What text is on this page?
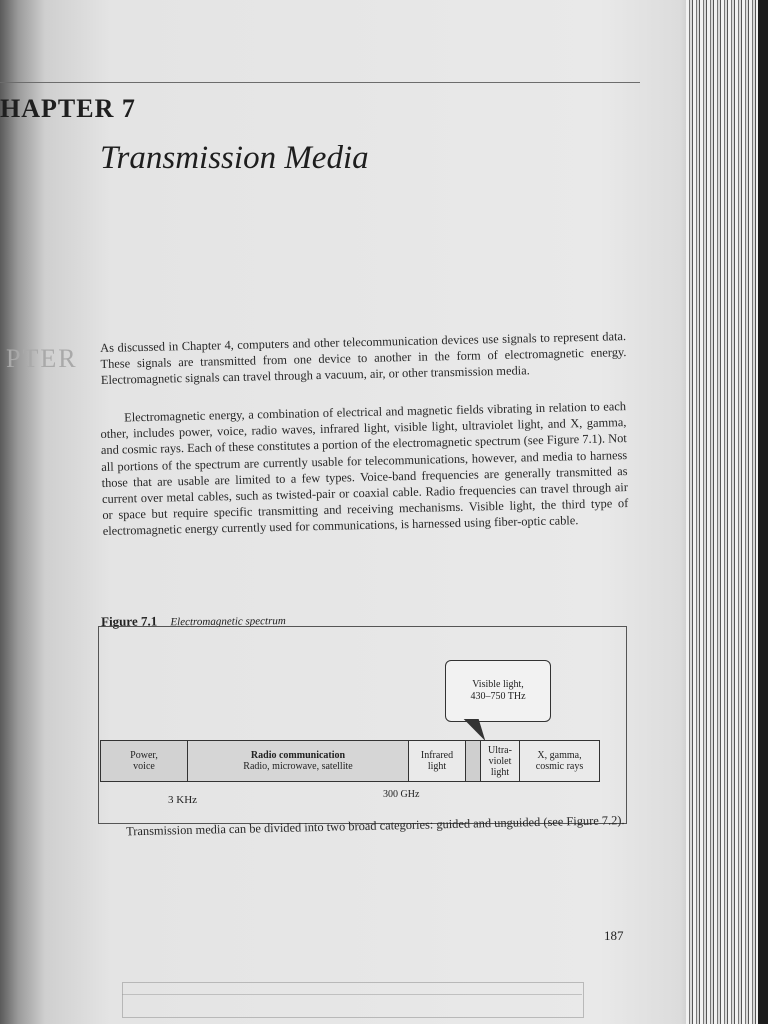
HAPTER 7
Transmission Media
PTER
As discussed in Chapter 4, computers and other telecommunication devices use signals to represent data. These signals are transmitted from one device to another in the form of electromagnetic energy. Electromagnetic signals can travel through a vacuum, air, or other transmission media.
Electromagnetic energy, a combination of electrical and magnetic fields vibrating in relation to each other, includes power, voice, radio waves, infrared light, visible light, ultraviolet light, and X, gamma, and cosmic rays. Each of these constitutes a portion of the electromagnetic spectrum (see Figure 7.1). Not all portions of the spectrum are currently usable for telecommunications, however, and media to harness those that are usable are limited to a few types. Voice-band frequencies are generally transmitted as current over metal cables, such as twisted-pair or coaxial cable. Radio frequencies can travel through air or space but require specific transmitting and receiving mechanisms. Visible light, the third type of electromagnetic energy currently used for communications, is harnessed using fiber-optic cable.
Figure 7.1 Electromagnetic spectrum
Visible light,
430–750 THz
Power,
voice
Radio communication
Radio, microwave, satellite
Infrared
light
Ultra-
violet
light
X, gamma,
cosmic rays
3 KHz	300 GHz
Transmission media can be divided into two broad categories: guided and unguided (see Figure 7.2).
187
